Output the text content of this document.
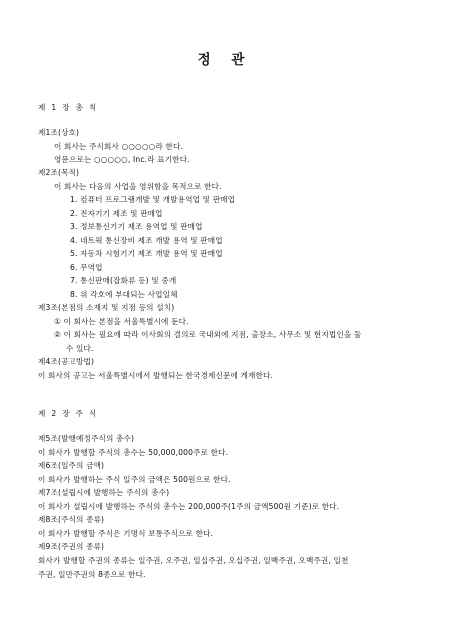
정 관
제 1 장 총 칙
제1조(상호)
이 회사는 주식회사 ○○○○○라 한다.
영문으로는 ○○○○○, Inc.라 표기한다.
제2조(목적)
이 회사는 다음의 사업을 영위함을 목적으로 한다.
1. 컴퓨터 프로그램개발 및 개발용역업 및 판매업
2. 전자기기 제조 및 판매업
3. 정보통신기기 제조 용역업 및 판매업
4. 네트웍 통신장비 제조 개발 용역 및 판매업
5. 자동차 시험기기 제조 개발 용역 및 판매업
6. 무역업
7. 통신판매(잡화류 등) 및 중개
8. 위 각호에 부대되는 사업일체
제3조(본점의 소재지 및 지점 등의 설치)
① 이 회사는 본점을 서울특별시에 둔다.
② 이 회사는 필요에 따라 이사회의 결의로 국내외에 지점, 출장소, 사무소 및 현지법인을 둘
수 있다.
제4조(공고방법)
이 회사의 공고는 서울특별시에서 발행되는 한국경제신문에 게재한다.
제 2 장 주 식
제5조(발행예정주식의 총수)
이 회사가 발행할 주식의 총수는 50,000,000주로 한다.
제6조(일주의 금액)
이 회사가 발행하는 주식 일주의 금액은 500원으로 한다.
제7조(설립시에 발행하는 주식의 총수)
이 회사가 설립시에 발행하는 주식의 총수는 200,000주(1주의 금액500원 기준)로 한다.
제8조(주식의 종류)
이 회사가 발행할 주식은 기명식 보통주식으로 한다.
제9조(주권의 종류)
회사가 발행할 주권의 종류는 일주권, 오주권, 일십주권, 오십주권, 일백주권, 오백주권, 일천
주권, 일만주권의 8종으로 한다.
